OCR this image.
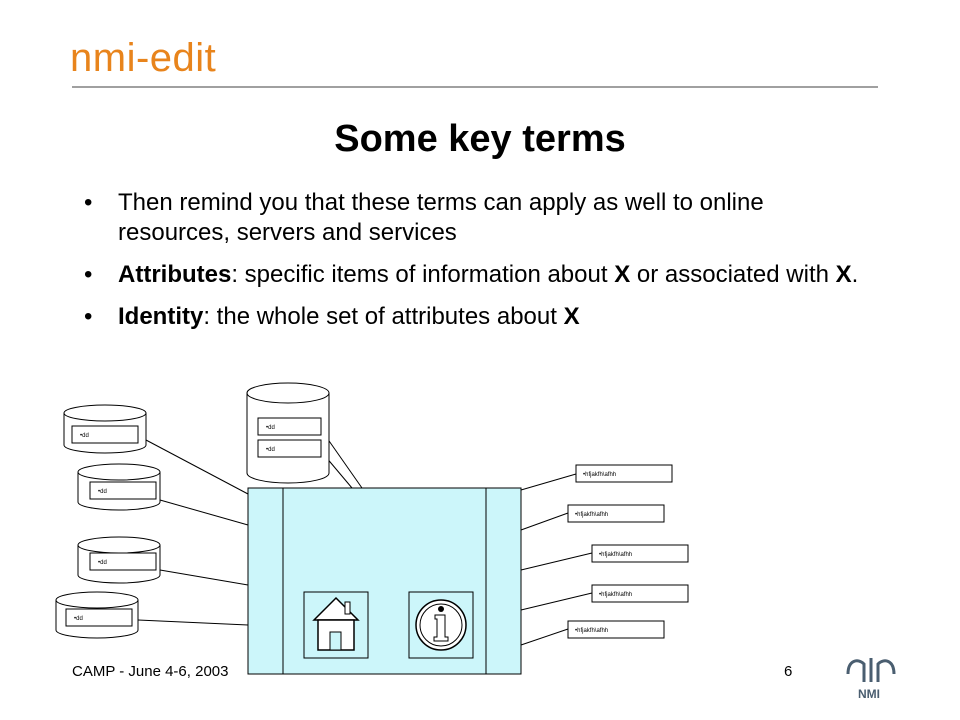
nmi-edit
Some key terms
• Then remind you that these terms can apply as well to online resources, servers and services
• Attributes: specific items of information about X or associated with X.
• Identity: the whole set of attributes about X
•dd
•dd
•dd
•dd
•dd
•dd
•hfjakfh\afhh
•hfjakfh\afhh
•hfjakfh\afhh
•hfjakfh\afhh
•hfjakfh\afhh
CAMP - June 4-6, 2003	6
NMI
